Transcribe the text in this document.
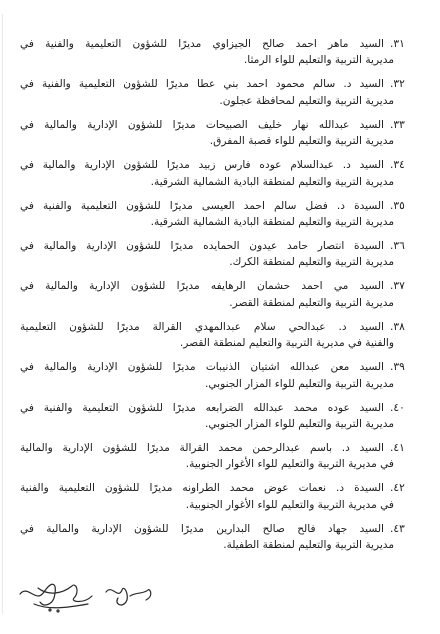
٣١.
السيد ماهر احمد صالح الجيزاوي مديرًا للشؤون التعليمية والفنية في
مديرية التربية والتعليم للواء الرمثا.
٣٢.
السيد د. سالم محمود احمد بني عطا مديرًا للشؤون التعليمية والفنية في
مديرية التربية والتعليم لمحافظة عجلون.
٣٣.
السيد عبدالله نهار خليف الصبيحات مديرًا للشؤون الإدارية والمالية في
مديرية التربية والتعليم للواء قصبة المفرق.
٣٤.
السيد د. عبدالسلام عوده فارس زبيد مديرًا للشؤون الإدارية والمالية في
مديرية التربية والتعليم لمنطقة البادية الشمالية الشرقية.
٣٥.
السيدة د. فضل سالم احمد العيسى مديرًا للشؤون التعليمية والفنية في
مديرية التربية والتعليم لمنطقة البادية الشمالية الشرقية.
٣٦.
السيدة انتصار حامد عيدون الحمايده مديرًا للشؤون الإدارية والمالية في
مديرية التربية والتعليم لمنطقة الكرك.
٣٧.
السيد مي احمد حشمان الرهايفه مديرًا للشؤون الإدارية والمالية في
مديرية التربية والتعليم لمنطقة القصر.
٣٨.
السيد د. عبدالحي سلام عبدالمهدي القرالة مديرًا للشؤون التعليمية
والفنية في مديرية التربية والتعليم لمنطقة القصر.
٣٩.
السيد معن عبدالله اشتيان الذنيبات مديرًا للشؤون الإدارية والمالية في
مديرية التربية والتعليم للواء المزار الجنوبي.
٤٠.
السيد عوده محمد عبدالله الضرابعه مديرًا للشؤون التعليمية والفنية في
مديرية التربية والتعليم للواء المزار الجنوبي.
٤١.
السيد د. باسم عبدالرحمن محمد القرالة مديرًا للشؤون الإدارية والمالية
في مديرية التربية والتعليم للواء الأغوار الجنوبية.
٤٢.
السيدة د. نعمات عوض محمد الطراونه مديرًا للشؤون التعليمية والفنية
في مديرية التربية والتعليم للواء الأغوار الجنوبية.
٤٣.
السيد جهاد فالح صالح البدارين مديرًا للشؤون الإدارية والمالية في
مديرية التربية والتعليم لمنطقة الطفيلة.
